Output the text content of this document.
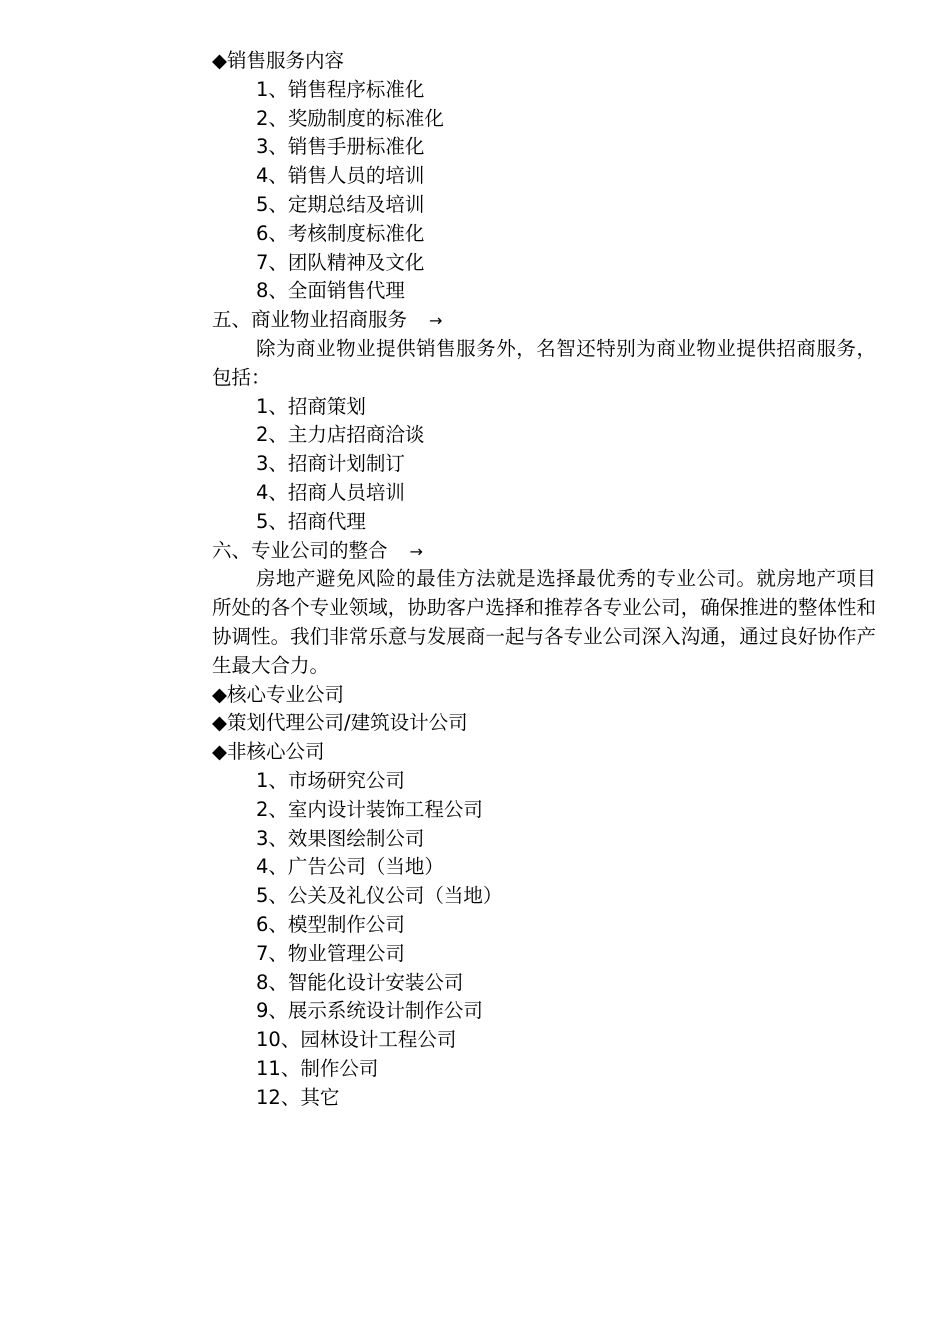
◆销售服务内容
1、销售程序标准化
2、奖励制度的标准化
3、销售手册标准化
4、销售人员的培训
5、定期总结及培训
6、考核制度标准化
7、团队精神及文化
8、全面销售代理
五、商业物业招商服务 →

除为商业物业提供销售服务外，名智还特别为商业物业提供招商服务，包括：

1、招商策划
2、主力店招商洽谈
3、招商计划制订
4、招商人员培训
5、招商代理
六、专业公司的整合 →

房地产避免风险的最佳方法就是选择最优秀的专业公司。就房地产项目所处的各个专业领域，协助客户选择和推荐各专业公司，确保推进的整体性和协调性。我们非常乐意与发展商一起与各专业公司深入沟通，通过良好协作产生最大合力。

◆核心专业公司
◆策划代理公司/建筑设计公司
◆非核心公司
1、市场研究公司
2、室内设计装饰工程公司
3、效果图绘制公司
4、广告公司（当地）
5、公关及礼仪公司（当地）
6、模型制作公司
7、物业管理公司
8、智能化设计安装公司
9、展示系统设计制作公司
10、园林设计工程公司
11、制作公司
12、其它
